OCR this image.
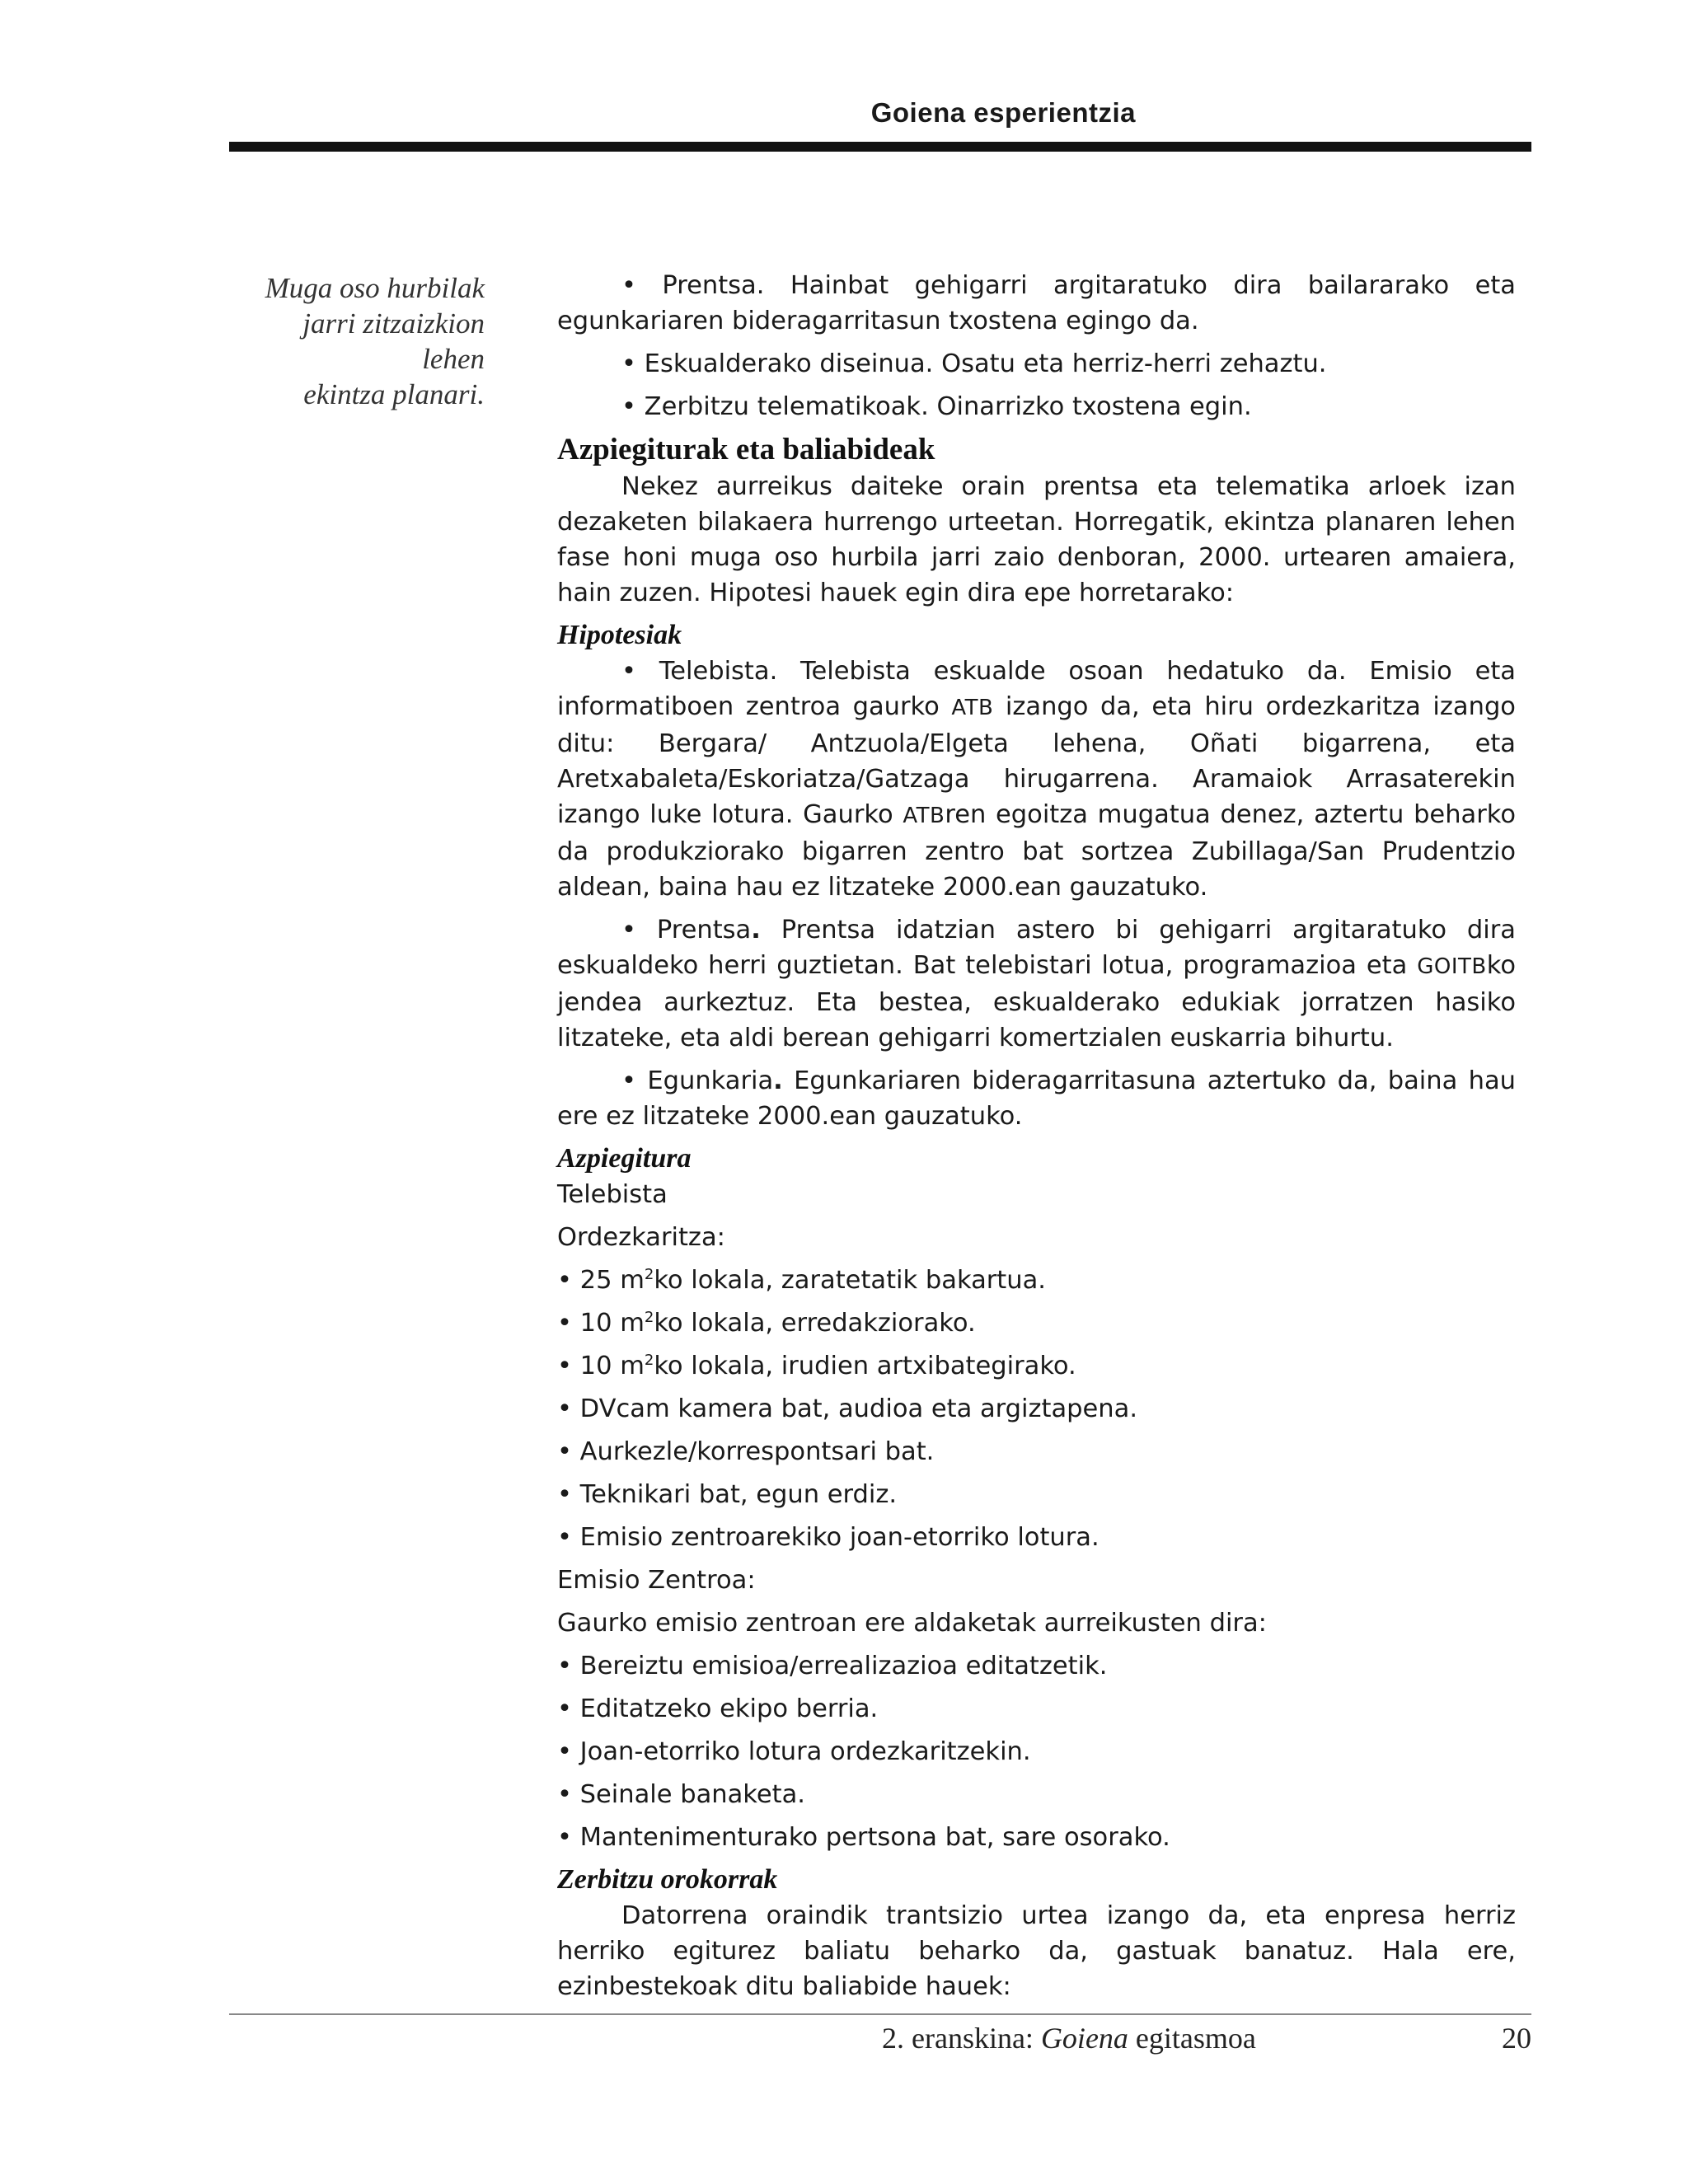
Goiena esperientzia
Muga oso hurbilak
jarri zitzaizkion
lehen
ekintza planari.

• Prentsa. Hainbat gehigarri argitaratuko dira bailararako eta egunkariaren bideragarritasun txostena egingo da.

• Eskualderako diseinua. Osatu eta herriz-herri zehaztu.

• Zerbitzu telematikoak. Oinarrizko txostena egin.

Azpiegiturak eta baliabideak

Nekez aurreikus daiteke orain prentsa eta telematika arloek izan dezaketen bilakaera hurrengo urteetan. Horregatik, ekintza planaren lehen fase honi muga oso hurbila jarri zaio denboran, 2000. urtearen amaiera, hain zuzen. Hipotesi hauek egin dira epe horretarako:

Hipotesiak

• Telebista. Telebista eskualde osoan hedatuko da. Emisio eta informatiboen zentroa gaurko ATB izango da, eta hiru ordezkaritza izango ditu: Bergara/ Antzuola/Elgeta lehena, Oñati bigarrena, eta Aretxabaleta/Eskoriatza/Gatzaga hirugarrena. Aramaiok Arrasaterekin izango luke lotura. Gaurko ATBren egoitza mugatua denez, aztertu beharko da produkziorako bigarren zentro bat sortzea Zubillaga/San Prudentzio aldean, baina hau ez litzateke 2000.ean gauzatuko.

• Prentsa. Prentsa idatzian astero bi gehigarri argitaratuko dira eskualdeko herri guztietan. Bat telebistari lotua, programazioa eta GOITBko jendea aurkeztuz. Eta bestea, eskualderako edukiak jorratzen hasiko litzateke, eta aldi berean gehigarri komertzialen euskarria bihurtu.

• Egunkaria. Egunkariaren bideragarritasuna aztertuko da, baina hau ere ez litzateke 2000.ean gauzatuko.

Azpiegitura

Telebista

Ordezkaritza:

• 25 $m^2ko$ lokala, zaratetatik bakartua.

• 10 $m^2ko$ lokala, erredakziorako.

• 10 $m^2ko$ lokala, irudien artxibategirako.

• DVcam kamera bat, audioa eta argiztapena.

• Aurkezle/korrespontsari bat.

• Teknikari bat, egun erdiz.

• Emisio zentroarekiko joan-etorriko lotura.

Emisio Zentroa:

Gaurko emisio zentroan ere aldaketak aurreikusten dira:

• Bereiztu emisioa/errealizazioa editatzetik.

• Editatzeko ekipo berria.

• Joan-etorriko lotura ordezkaritzekin.

• Seinale banaketa.

• Mantenimenturako pertsona bat, sare osorako.

Zerbitzu orokorrak

Datorrena oraindik trantsizio urtea izango da, eta enpresa herriz herriko egiturez baliatu beharko da, gastuak banatuz. Hala ere, ezinbestekoak ditu baliabide hauek:

2. eranskina: Goiena egitasmoa	20
